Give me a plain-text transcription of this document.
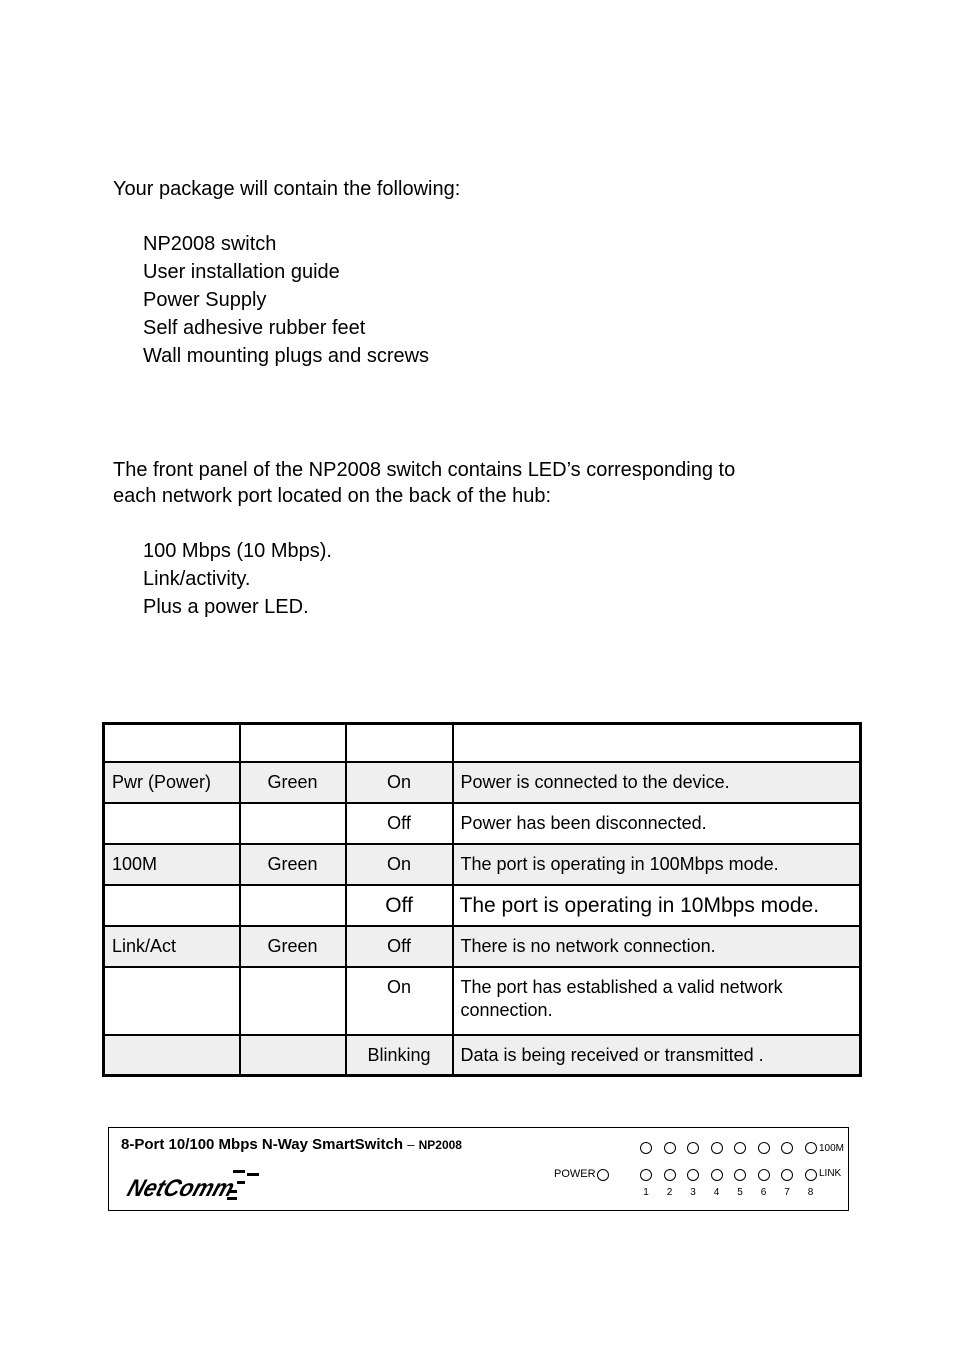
Your package will contain the following:

NP2008 switch
User installation guide
Power Supply
Self adhesive rubber feet
Wall mounting plugs and screws

The front panel of the NP2008 switch contains LED’s corresponding to
each network port located on the back of the hub:

100 Mbps (10 Mbps).
Link/activity.
Plus a power LED.

Pwr (Power)	Green	On	Power is connected to the device.
		Off	Power has been disconnected.
100M	Green	On	The port is operating in 100Mbps mode.
		Off	The port is operating in 10Mbps mode.
Link/Act	Green	Off	There is no network connection.
		On	The port has established a valid network connection.
		Blinking	Data is being received or transmitted .
8-Port 10/100 Mbps N-Way SmartSwitch – NP2008
NetComm
POWER
100M
LINK
1	2	3	4	5	6	7	8
